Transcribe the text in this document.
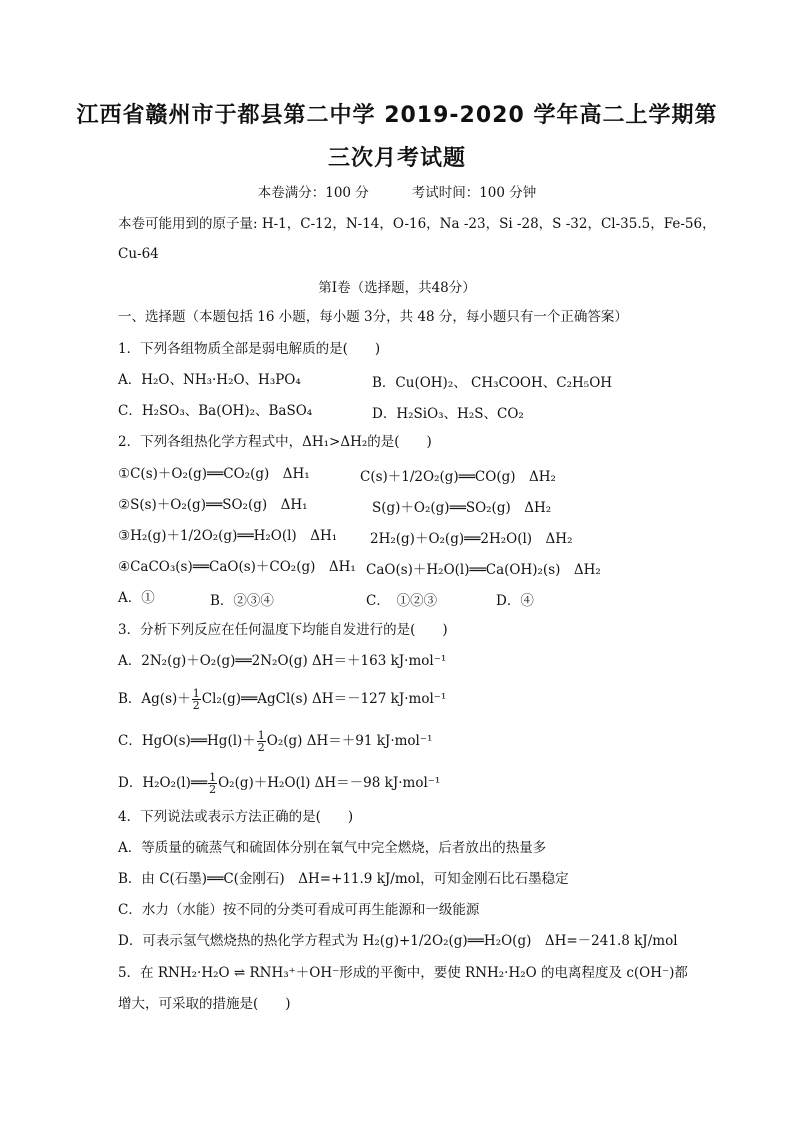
江西省赣州市于都县第二中学 2019-2020 学年高二上学期第
三次月考试题
本卷满分：100 分          考试时间：100 分钟
本卷可能用到的原子量: H-1，C-12，N-14，O-16，Na -23，Si -28，S -32，Cl-35.5，Fe-56，
Cu-64
第Ⅰ卷（选择题，共48分）
一、选择题（本题包括 16 小题，每小题 3分，共 48 分，每小题只有一个正确答案）
1．下列各组物质全部是弱电解质的是(　　)
A．H₂O、NH₃·H₂O、H₃PO₄	B．Cu(OH)₂、 CH₃COOH、C₂H₅OH
C．H₂SO₃、Ba(OH)₂、BaSO₄	D．H₂SiO₃、H₂S、CO₂
2．下列各组热化学方程式中，ΔH₁>ΔH₂的是(　　)
①C(s)＋O₂(g)══CO₂(g)　ΔH₁	C(s)＋1/2O₂(g)══CO(g)　ΔH₂
②S(s)＋O₂(g)══SO₂(g)　ΔH₁	S(g)＋O₂(g)══SO₂(g)　ΔH₂
③H₂(g)＋1/2O₂(g)══H₂O(l)　ΔH₁ 2H₂(g)＋O₂(g)══2H₂O(l)　ΔH₂
④CaCO₃(s)══CaO(s)＋CO₂(g)　ΔH₁ CaO(s)＋H₂O(l)══Ca(OH)₂(s)　ΔH₂
A．①	B．②③④	C．　①②③	D．④
3．分析下列反应在任何温度下均能自发进行的是(　　)
A．2N₂(g)＋O₂(g)══2N₂O(g) ΔH＝＋163 kJ·mol⁻¹
B．$Ag(s)+ \frac{1}{2}$ Cl₂(g)══AgCl(s) ΔH＝－127 kJ·mol⁻¹
C．HgO(s)══Hg(l)＋ $\frac{1}{2} O_2(g)$ ΔH＝＋91 kJ·mol⁻¹
D．H₂O₂(l)══ $\frac{1}{2} O_2(g)+H_2O(l)$ ΔH＝－98 kJ·mol⁻¹
4．下列说法或表示方法正确的是(　　)
A．等质量的硫蒸气和硫固体分别在氧气中完全燃烧，后者放出的热量多
B．由 C(石墨)══C(金刚石)　ΔH=+11.9 kJ/mol，可知金刚石比石墨稳定
C．水力（水能）按不同的分类可看成可再生能源和一级能源
D．可表示氢气燃烧热的热化学方程式为 H₂(g)+1/2O₂(g)══H₂O(g)　ΔH=－241.8 kJ/mol
5．在 RNH₂·H₂O ⇌ RNH₃⁺＋OH⁻形成的平衡中，要使 RNH₂·H₂O 的电离程度及 c(OH⁻)都
增大，可采取的措施是(　　)
